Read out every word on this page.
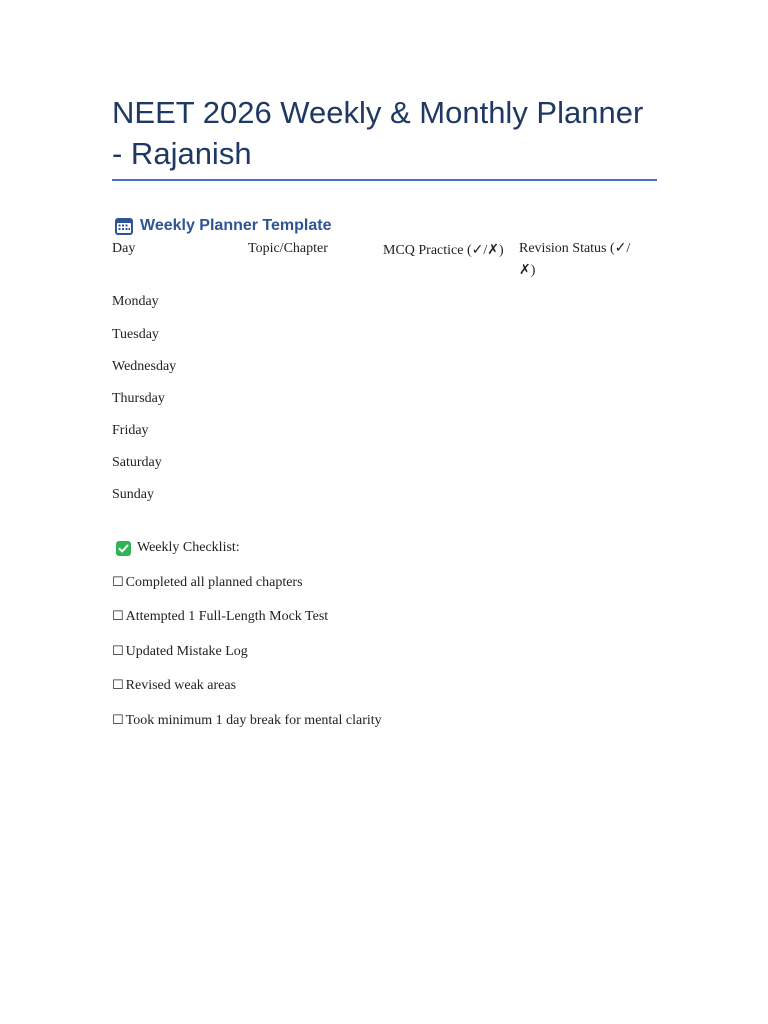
NEET 2026 Weekly & Monthly Planner - Rajanish
Weekly Planner Template
Day	Topic/Chapter	MCQ Practice (✓/✗) Revision Status (✓/✗)
Monday
Tuesday
Wednesday
Thursday
Friday
Saturday
Sunday
Weekly Checklist:
☐ Completed all planned chapters
☐ Attempted 1 Full-Length Mock Test
☐ Updated Mistake Log
☐ Revised weak areas
☐ Took minimum 1 day break for mental clarity
